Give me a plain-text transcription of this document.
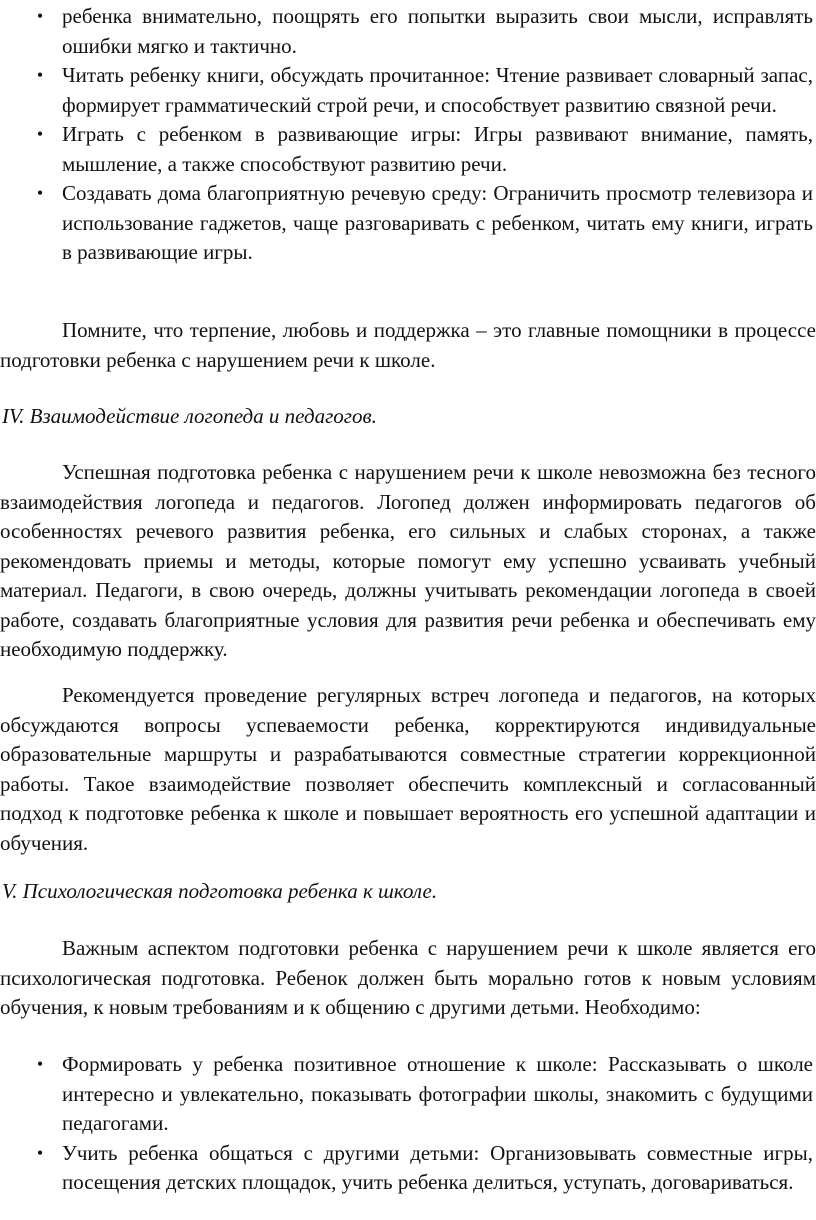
• ребенка внимательно, поощрять его попытки выразить свои мысли, исправлять ошибки мягко и тактично.
• Читать ребенку книги, обсуждать прочитанное: Чтение развивает словарный запас, формирует грамматический строй речи, и способствует развитию связной речи.
• Играть с ребенком в развивающие игры: Игры развивают внимание, память, мышление, а также способствуют развитию речи.
• Создавать дома благоприятную речевую среду: Ограничить просмотр телевизора и использование гаджетов, чаще разговаривать с ребенком, читать ему книги, играть в развивающие игры.

Помните, что терпение, любовь и поддержка – это главные помощники в процессе подготовки ребенка с нарушением речи к школе.

IV. Взаимодействие логопеда и педагогов.

Успешная подготовка ребенка с нарушением речи к школе невозможна без тесного взаимодействия логопеда и педагогов. Логопед должен информировать педагогов об особенностях речевого развития ребенка, его сильных и слабых сторонах, а также рекомендовать приемы и методы, которые помогут ему успешно усваивать учебный материал. Педагоги, в свою очередь, должны учитывать рекомендации логопеда в своей работе, создавать благоприятные условия для развития речи ребенка и обеспечивать ему необходимую поддержку.

Рекомендуется проведение регулярных встреч логопеда и педагогов, на которых обсуждаются вопросы успеваемости ребенка, корректируются индивидуальные образовательные маршруты и разрабатываются совместные стратегии коррекционной работы. Такое взаимодействие позволяет обеспечить комплексный и согласованный подход к подготовке ребенка к школе и повышает вероятность его успешной адаптации и обучения.

V. Психологическая подготовка ребенка к школе.

Важным аспектом подготовки ребенка с нарушением речи к школе является его психологическая подготовка. Ребенок должен быть морально готов к новым условиям обучения, к новым требованиям и к общению с другими детьми. Необходимо:

• Формировать у ребенка позитивное отношение к школе: Рассказывать о школе интересно и увлекательно, показывать фотографии школы, знакомить с будущими педагогами.
• Учить ребенка общаться с другими детьми: Организовывать совместные игры, посещения детских площадок, учить ребенка делиться, уступать, договариваться.
